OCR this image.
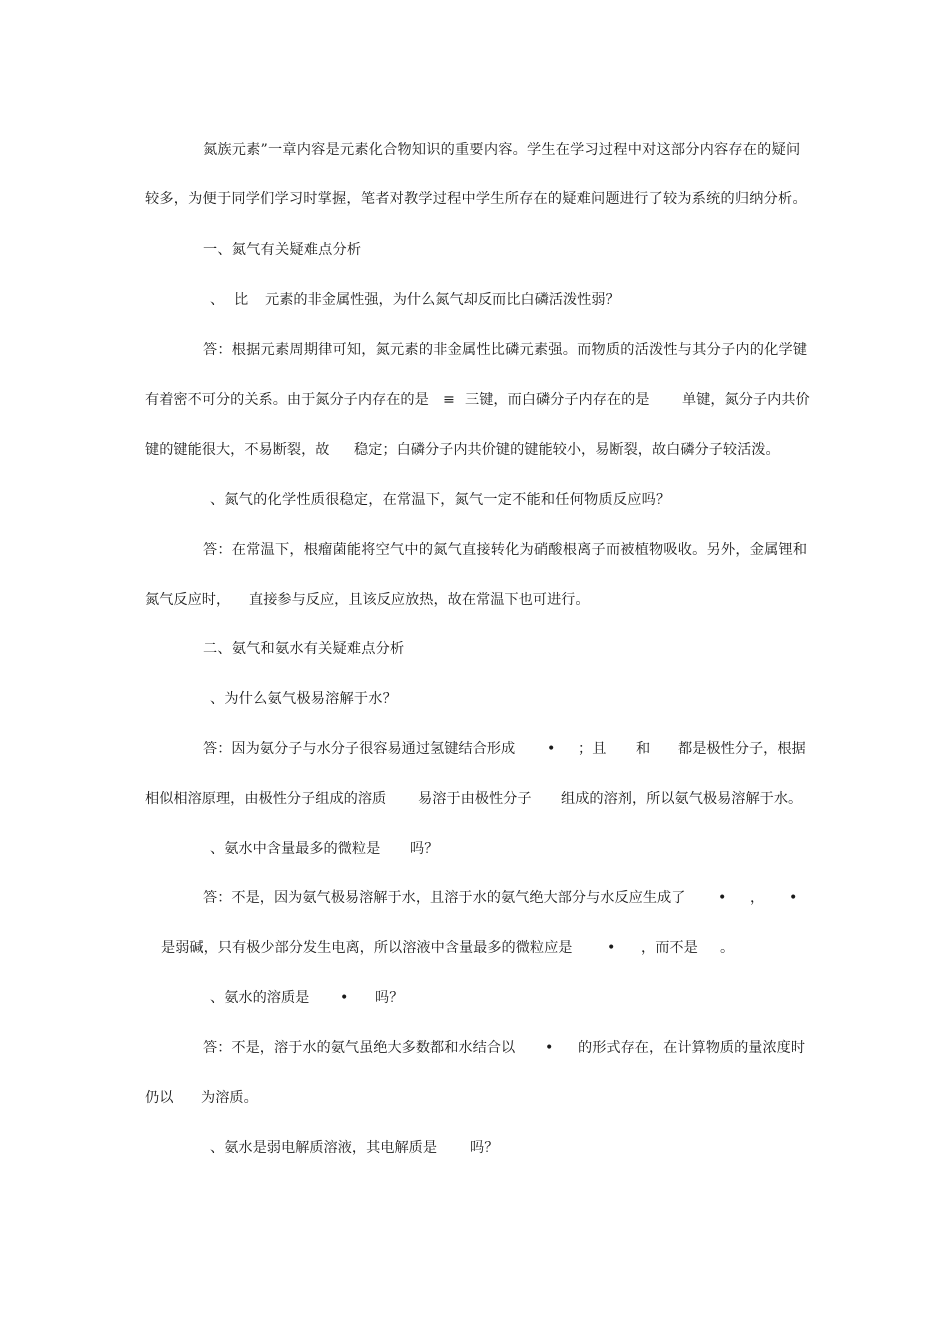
氮族元素”一章内容是元素化合物知识的重要内容。学生在学习过程中对这部分内容存在的疑问
较多，为便于同学们学习时掌握，笔者对教学过程中学生所存在的疑难问题进行了较为系统的归纳分析。
一、氮气有关疑难点分析
、 比 元素的非金属性强，为什么氮气却反而比白磷活泼性弱？
答：根据元素周期律可知，氮元素的非金属性比磷元素强。而物质的活泼性与其分子内的化学键
有着密不可分的关系。由于氮分子内存在的是 ≡ 三键，而白磷分子内存在的是 单键，氮分子内共价
键的键能很大，不易断裂，故 稳定；白磷分子内共价键的键能较小，易断裂，故白磷分子较活泼。
、氮气的化学性质很稳定，在常温下，氮气一定不能和任何物质反应吗？
答：在常温下，根瘤菌能将空气中的氮气直接转化为硝酸根离子而被植物吸收。另外，金属锂和
氮气反应时， 直接参与反应，且该反应放热，故在常温下也可进行。
二、氨气和氨水有关疑难点分析
、为什么氨气极易溶解于水？
答：因为氨分子与水分子很容易通过氢键结合形成 • ；且 和 都是极性分子，根据
相似相溶原理，由极性分子组成的溶质 易溶于由极性分子 组成的溶剂，所以氨气极易溶解于水。
、氨水中含量最多的微粒是 吗？
答：不是，因为氨气极易溶解于水，且溶于水的氨气绝大部分与水反应生成了 • ， •
是弱碱，只有极少部分发生电离，所以溶液中含量最多的微粒应是 • ，而不是 。
、氨水的溶质是 • 吗？
答：不是，溶于水的氨气虽绝大多数都和水结合以 • 的形式存在，在计算物质的量浓度时
仍以 为溶质。
、氨水是弱电解质溶液，其电解质是 吗？
